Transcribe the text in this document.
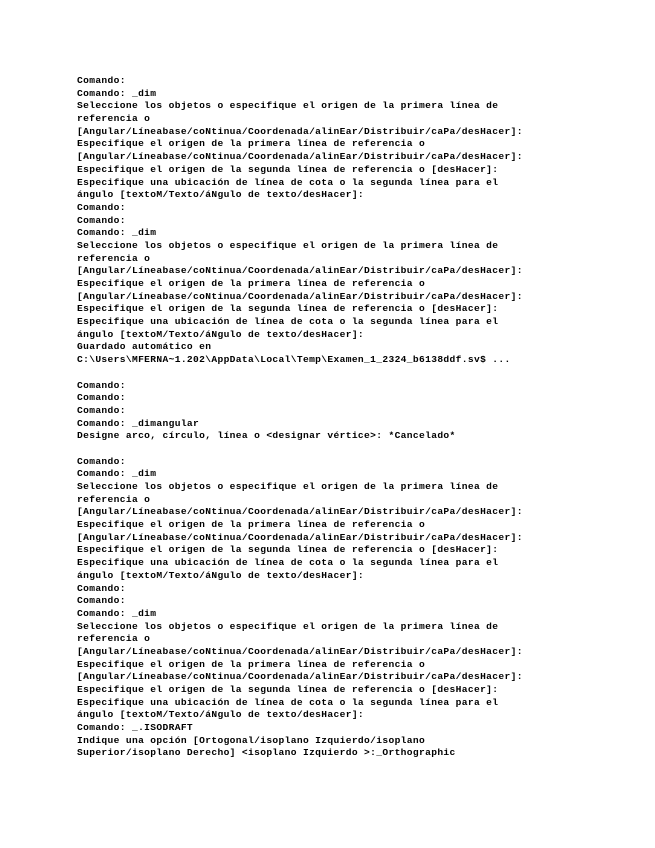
Comando:
Comando: _dim
Seleccione los objetos o especifique el origen de la primera línea de
referencia o
[Angular/Líneabase/coNtinua/Coordenada/alinEar/Distribuir/caPa/desHacer]:
Especifique el origen de la primera línea de referencia o
[Angular/Líneabase/coNtinua/Coordenada/alinEar/Distribuir/caPa/desHacer]:
Especifique el origen de la segunda línea de referencia o [desHacer]:
Especifique una ubicación de línea de cota o la segunda línea para el
ángulo [textoM/Texto/áNgulo de texto/desHacer]:
Comando:
Comando:
Comando: _dim
Seleccione los objetos o especifique el origen de la primera línea de
referencia o
[Angular/Líneabase/coNtinua/Coordenada/alinEar/Distribuir/caPa/desHacer]:
Especifique el origen de la primera línea de referencia o
[Angular/Líneabase/coNtinua/Coordenada/alinEar/Distribuir/caPa/desHacer]:
Especifique el origen de la segunda línea de referencia o [desHacer]:
Especifique una ubicación de línea de cota o la segunda línea para el
ángulo [textoM/Texto/áNgulo de texto/desHacer]:
Guardado automático en
C:\Users\MFERNA~1.202\AppData\Local\Temp\Examen_1_2324_b6138ddf.sv$ ...
Comando:
Comando:
Comando:
Comando: _dimangular
Designe arco, círculo, línea o <designar vértice>: *Cancelado*
Comando:
Comando: _dim
Seleccione los objetos o especifique el origen de la primera línea de
referencia o
[Angular/Líneabase/coNtinua/Coordenada/alinEar/Distribuir/caPa/desHacer]:
Especifique el origen de la primera línea de referencia o
[Angular/Líneabase/coNtinua/Coordenada/alinEar/Distribuir/caPa/desHacer]:
Especifique el origen de la segunda línea de referencia o [desHacer]:
Especifique una ubicación de línea de cota o la segunda línea para el
ángulo [textoM/Texto/áNgulo de texto/desHacer]:
Comando:
Comando:
Comando: _dim
Seleccione los objetos o especifique el origen de la primera línea de
referencia o
[Angular/Líneabase/coNtinua/Coordenada/alinEar/Distribuir/caPa/desHacer]:
Especifique el origen de la primera línea de referencia o
[Angular/Líneabase/coNtinua/Coordenada/alinEar/Distribuir/caPa/desHacer]:
Especifique el origen de la segunda línea de referencia o [desHacer]:
Especifique una ubicación de línea de cota o la segunda línea para el
ángulo [textoM/Texto/áNgulo de texto/desHacer]:
Comando: _.ISODRAFT
Indique una opción [Ortogonal/isoplano Izquierdo/isoplano
Superior/isoplano Derecho] <isoplano Izquierdo >:_Orthographic
